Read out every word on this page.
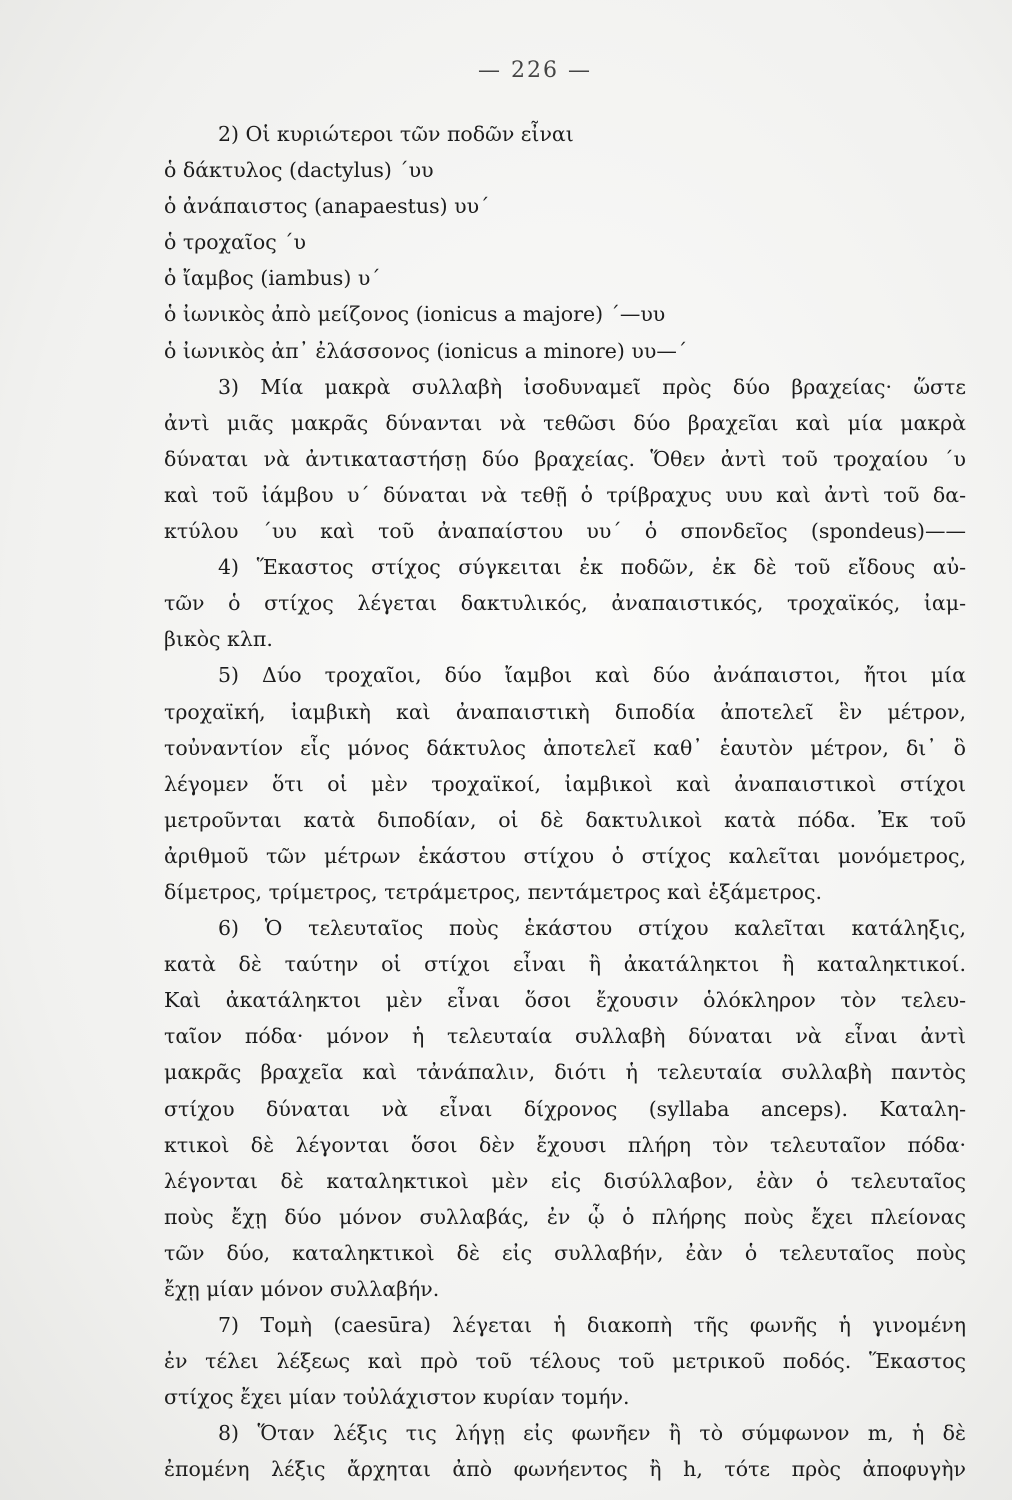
— 226 —
2) Οἱ κυριώτεροι τῶν ποδῶν εἶναι
ὁ δάκτυλος (dactylus) ´υυ
ὁ ἀνάπαιστος (anapaestus) υυ´
ὁ τροχαῖος ´υ
ὁ ἴαμβος (iambus) υ´
ὁ ἰωνικὸς ἀπὸ μείζονος (ionicus a majore) ´—υυ
ὁ ἰωνικὸς ἀπ᾽ ἐλάσσονος (ionicus a minore) υυ—´
3) Μία μακρὰ συλλαβὴ ἰσοδυναμεῖ πρὸς δύο βραχείας· ὥστε
ἀντὶ μιᾶς μακρᾶς δύνανται νὰ τεθῶσι δύο βραχεῖαι καὶ μία μακρὰ
δύναται νὰ ἀντικαταστήσῃ δύο βραχείας. Ὅθεν ἀντὶ τοῦ τροχαίου ´υ
καὶ τοῦ ἰάμβου υ´ δύναται νὰ τεθῇ ὁ τρίβραχυς υυυ καὶ ἀντὶ τοῦ δα-
κτύλου ´υυ καὶ τοῦ ἀναπαίστου υυ´ ὁ σπονδεῖος (spondeus)——
4) Ἕκαστος στίχος σύγκειται ἐκ ποδῶν, ἐκ δὲ τοῦ εἴδους αὐ-
τῶν ὁ στίχος λέγεται δακτυλικός, ἀναπαιστικός, τροχαϊκός, ἰαμ-
βικὸς κλπ.
5) Δύο τροχαῖοι, δύο ἴαμβοι καὶ δύο ἀνάπαιστοι, ἤτοι μία
τροχαϊκή, ἰαμβικὴ καὶ ἀναπαιστικὴ διποδία ἀποτελεῖ ἓν μέτρον,
τοὐναντίον εἷς μόνος δάκτυλος ἀποτελεῖ καθ᾽ ἑαυτὸν μέτρον, δι᾽ ὃ
λέγομεν ὅτι οἱ μὲν τροχαϊκοί, ἰαμβικοὶ καὶ ἀναπαιστικοὶ στίχοι
μετροῦνται κατὰ διποδίαν, οἱ δὲ δακτυλικοὶ κατὰ πόδα. Ἐκ τοῦ
ἀριθμοῦ τῶν μέτρων ἑκάστου στίχου ὁ στίχος καλεῖται μονόμετρος,
δίμετρος, τρίμετρος, τετράμετρος, πεντάμετρος καὶ ἑξάμετρος.
6) Ὁ τελευταῖος ποὺς ἑκάστου στίχου καλεῖται κατάληξις,
κατὰ δὲ ταύτην οἱ στίχοι εἶναι ἢ ἀκατάληκτοι ἢ καταληκτικοί.
Καὶ ἀκατάληκτοι μὲν εἶναι ὅσοι ἔχουσιν ὁλόκληρον τὸν τελευ-
ταῖον πόδα· μόνον ἡ τελευταία συλλαβὴ δύναται νὰ εἶναι ἀντὶ
μακρᾶς βραχεῖα καὶ τἀνάπαλιν, διότι ἡ τελευταία συλλαβὴ παντὸς
στίχου δύναται νὰ εἶναι δίχρονος (syllaba anceps). Καταλη-
κτικοὶ δὲ λέγονται ὅσοι δὲν ἔχουσι πλήρη τὸν τελευταῖον πόδα·
λέγονται δὲ καταληκτικοὶ μὲν εἰς δισύλλαβον, ἐὰν ὁ τελευταῖος
ποὺς ἔχῃ δύο μόνον συλλαβάς, ἐν ᾧ ὁ πλήρης ποὺς ἔχει πλείονας
τῶν δύο, καταληκτικοὶ δὲ εἰς συλλαβήν, ἐὰν ὁ τελευταῖος ποὺς
ἔχῃ μίαν μόνον συλλαβήν.
7) Τομὴ (caesūra) λέγεται ἡ διακοπὴ τῆς φωνῆς ἡ γινομένη
ἐν τέλει λέξεως καὶ πρὸ τοῦ τέλους τοῦ μετρικοῦ ποδός. Ἕκαστος
στίχος ἔχει μίαν τοὐλάχιστον κυρίαν τομήν.
8) Ὅταν λέξις τις λήγῃ εἰς φωνῆεν ἢ τὸ σύμφωνον m, ἡ δὲ
ἐπομένη λέξις ἄρχηται ἀπὸ φωνήεντος ἢ h, τότε πρὸς ἀποφυγὴν
